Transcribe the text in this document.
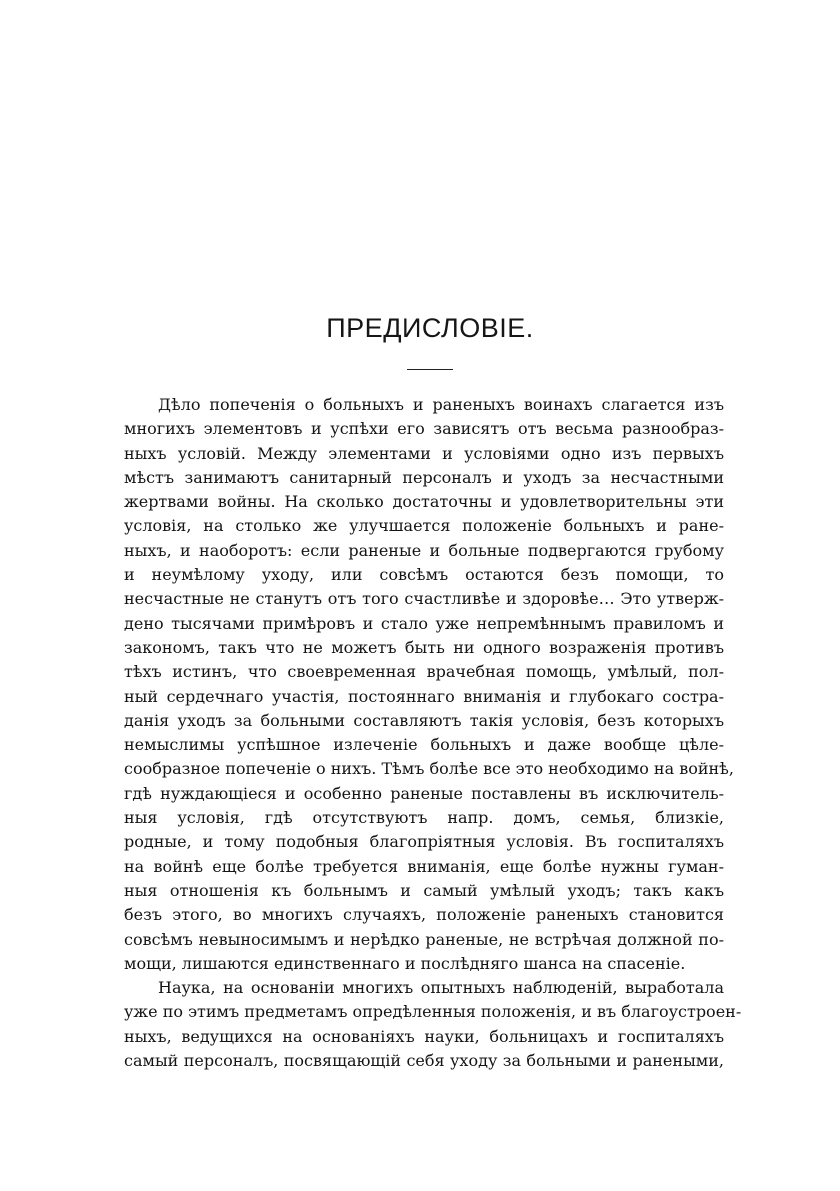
ПРЕДИСЛОВІЕ.
Дѣло попеченія о больныхъ и раненыхъ воинахъ слагается изъ
многихъ элементовъ и успѣхи его зависятъ отъ весьма разнообраз-
ныхъ условій. Между элементами и условіями одно изъ первыхъ
мѣстъ занимаютъ санитарный персоналъ и уходъ за несчастными
жертвами войны. На сколько достаточны и удовлетворительны эти
условія, на столько же улучшается положеніе больныхъ и ране-
ныхъ, и наоборотъ: если раненые и больные подвергаются грубому
и неумѣлому уходу, или совсѣмъ остаются безъ помощи, то
несчастные не станутъ отъ того счастливѣе и здоровѣе… Это утверж-
дено тысячами примѣровъ и стало уже непремѣннымъ правиломъ и
закономъ, такъ что не можетъ быть ни одного возраженія противъ
тѣхъ истинъ, что своевременная врачебная помощь, умѣлый, пол-
ный сердечнаго участія, постояннаго вниманія и глубокаго состра-
данія уходъ за больными составляютъ такія условія, безъ которыхъ
немыслимы успѣшное излеченіе больныхъ и даже вообще цѣле-
сообразное попеченіе о нихъ. Тѣмъ болѣе все это необходимо на войнѣ,
гдѣ нуждающіеся и особенно раненые поставлены въ исключитель-
ныя условія, гдѣ отсутствуютъ напр. домъ, семья, близкіе,
родные, и тому подобныя благопріятныя условія. Въ госпиталяхъ
на войнѣ еще болѣе требуется вниманія, еще болѣе нужны гуман-
ныя отношенія къ больнымъ и самый умѣлый уходъ; такъ какъ
безъ этого, во многихъ случаяхъ, положеніе раненыхъ становится
совсѣмъ невыносимымъ и нерѣдко раненые, не встрѣчая должной по-
мощи, лишаются единственнаго и послѣдняго шанса на спасеніе.
Наука, на основаніи многихъ опытныхъ наблюденій, выработала
уже по этимъ предметамъ опредѣленныя положенія, и въ благоустроен-
ныхъ, ведущихся на основаніяхъ науки, больницахъ и госпиталяхъ
самый персоналъ, посвящающій себя уходу за больными и ранеными,
